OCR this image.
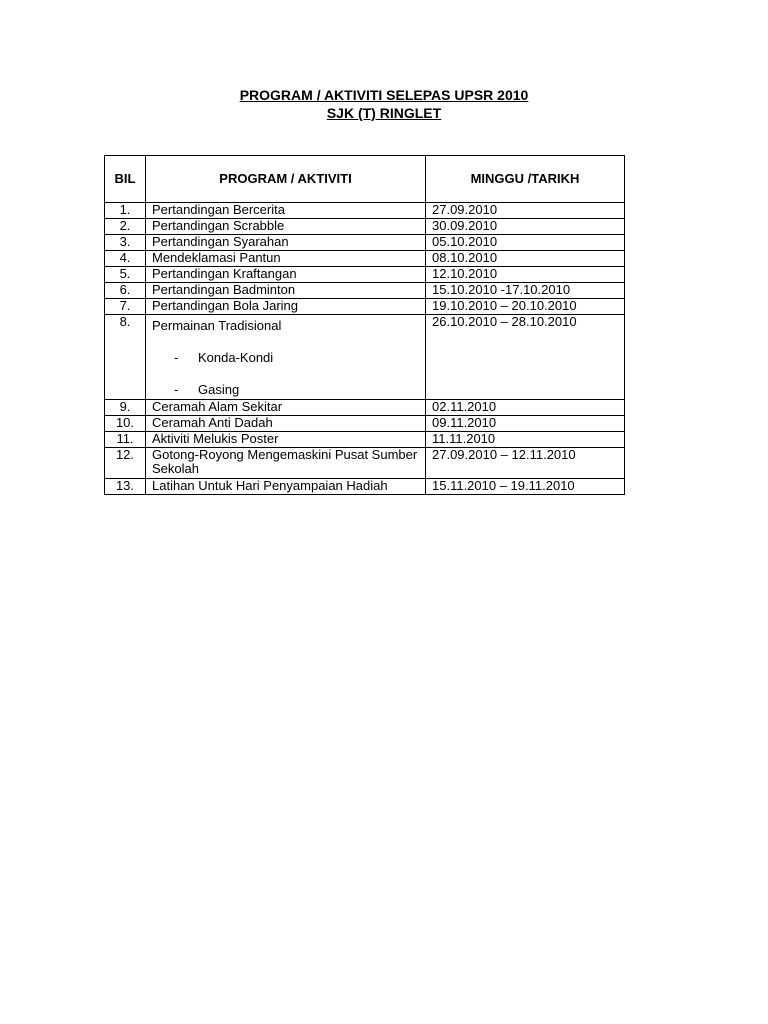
PROGRAM / AKTIVITI SELEPAS UPSR 2010
SJK (T) RINGLET
BIL	PROGRAM / AKTIVITI	MINGGU /TARIKH
1.	Pertandingan Bercerita	27.09.2010
2.	Pertandingan Scrabble	30.09.2010
3.	Pertandingan Syarahan	05.10.2010
4.	Mendeklamasi Pantun	08.10.2010
5.	Pertandingan Kraftangan	12.10.2010
6.	Pertandingan Badminton	15.10.2010 -17.10.2010
7.	Pertandingan Bola Jaring	19.10.2010 – 20.10.2010
8.	Permainan Tradisional
- Konda-Kondi
- Gasing	26.10.2010 – 28.10.2010
9.	Ceramah Alam Sekitar	02.11.2010
10.	Ceramah Anti Dadah	09.11.2010
11.	Aktiviti Melukis Poster	11.11.2010
12.	Gotong-Royong Mengemaskini Pusat Sumber Sekolah	27.09.2010 – 12.11.2010
13.	Latihan Untuk Hari Penyampaian Hadiah	15.11.2010 – 19.11.2010
